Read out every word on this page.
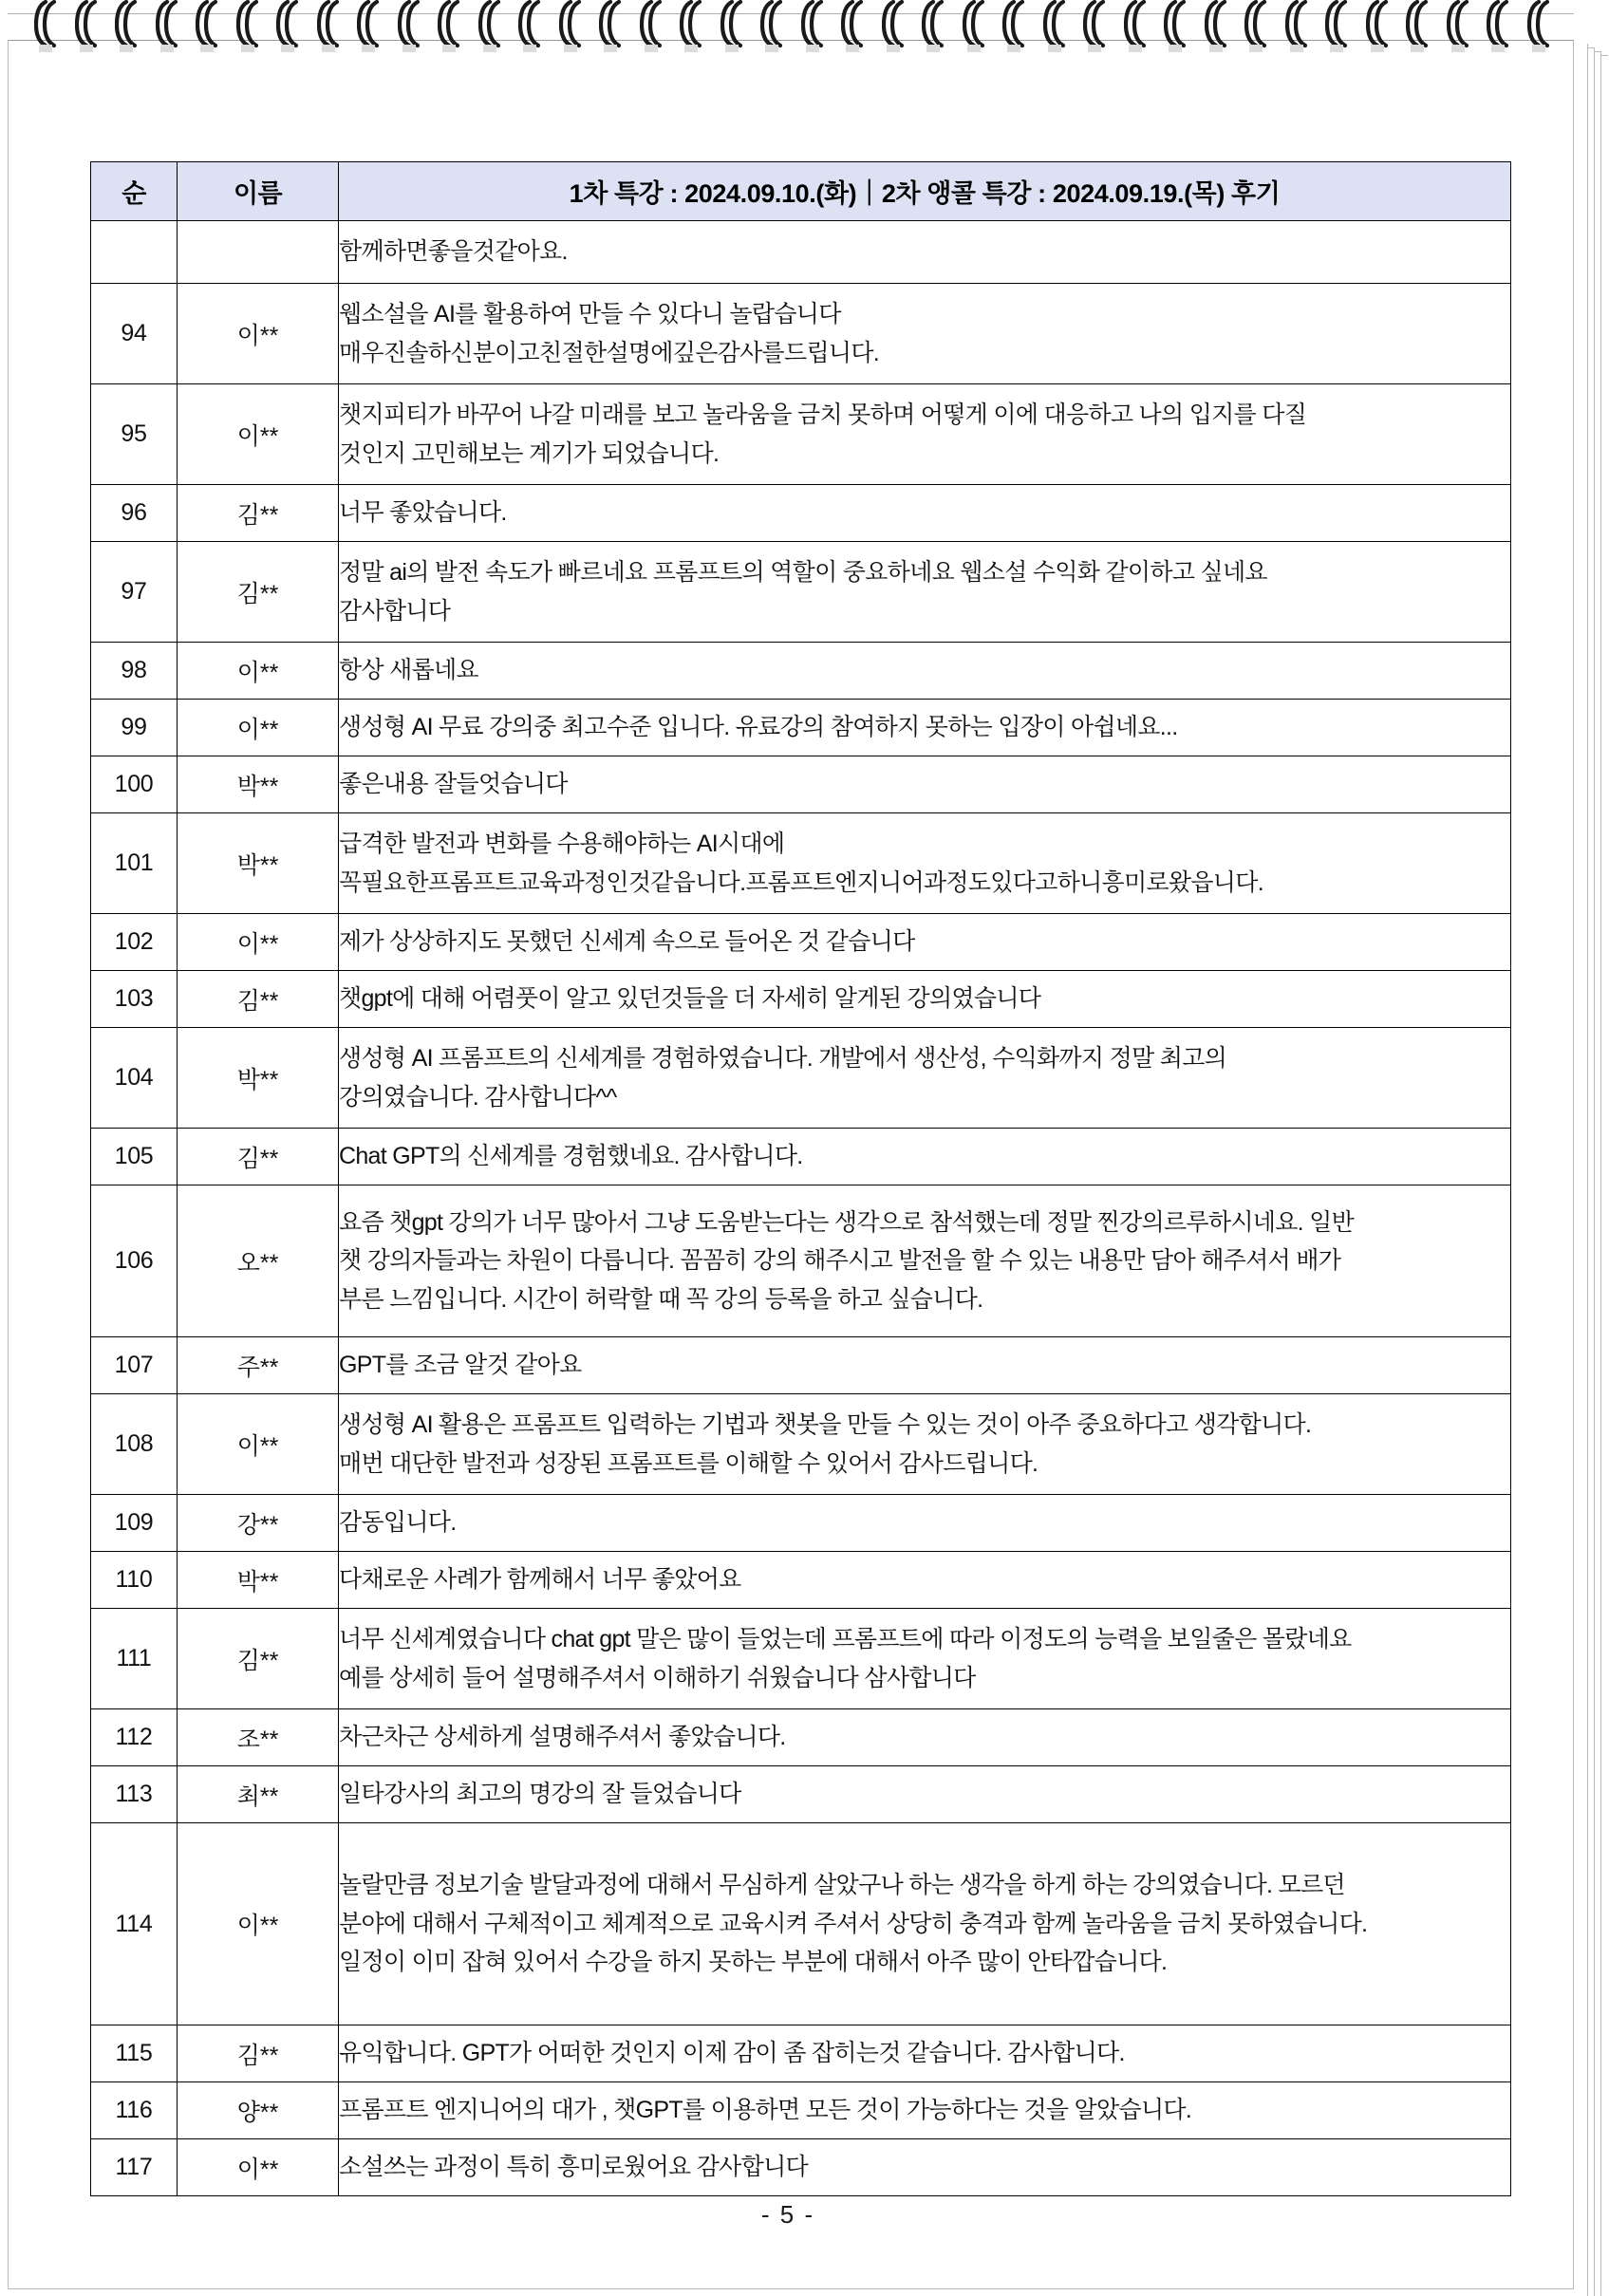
순	이름	1차 특강 : 2024.09.10.(화)｜2차 앵콜 특강 : 2024.09.19.(목) 후기

		함께하면좋을것같아요.

94	이**	웹소설을 AI를 활용하여 만들 수 있다니 놀랍습니다
매우진솔하신분이고친절한설명에깊은감사를드립니다.

95	이**	챗지피티가 바꾸어 나갈 미래를 보고 놀라움을 금치 못하며 어떻게 이에 대응하고 나의 입지를 다질
것인지 고민해보는 계기가 되었습니다.

96	김**	너무 좋았습니다.

97	김**	정말 ai의 발전 속도가 빠르네요 프롬프트의 역할이 중요하네요 웹소설 수익화 같이하고 싶네요
감사합니다

98	이**	항상 새롭네요

99	이**	생성형 AI 무료 강의중 최고수준 입니다. 유료강의 참여하지 못하는 입장이 아쉽네요...

100	박**	좋은내용 잘들엇습니다

101	박**	급격한 발전과 변화를 수용해야하는 AI시대에
꼭필요한프롬프트교육과정인것같읍니다.프롬프트엔지니어과정도있다고하니흥미로왔읍니다.

102	이**	제가 상상하지도 못했던 신세계 속으로 들어온 것 같습니다

103	김**	챗gpt에 대해 어렴풋이 알고 있던것들을 더 자세히 알게된 강의였습니다

104	박**	생성형 AI 프롬프트의 신세계를 경험하였습니다. 개발에서 생산성, 수익화까지 정말 최고의
강의였습니다. 감사합니다^^

105	김**	Chat GPT의 신세계를 경험했네요. 감사합니다.

106	오**	요즘 챗gpt 강의가 너무 많아서 그냥 도움받는다는 생각으로 참석했는데 정말 찐강의르루하시네요. 일반
챗 강의자들과는 차원이 다릅니다. 꼼꼼히 강의 해주시고 발전을 할 수 있는 내용만 담아 해주셔서 배가
부른 느낌입니다. 시간이 허락할 때 꼭 강의 등록을 하고 싶습니다.

107	주**	GPT를 조금 알것 같아요

108	이**	생성형 AI 활용은 프롬프트 입력하는 기법과 챗봇을 만들 수 있는 것이 아주 중요하다고 생각합니다.
매번 대단한 발전과 성장된 프롬프트를 이해할 수 있어서 감사드립니다.

109	강**	감동입니다.

110	박**	다채로운 사례가 함께해서 너무 좋았어요

111	김**	너무 신세계였습니다 chat gpt 말은 많이 들었는데 프롬프트에 따라 이정도의 능력을 보일줄은 몰랐네요
예를 상세히 들어 설명해주셔서 이해하기 쉬웠습니다 삼사합니다

112	조**	차근차근 상세하게 설명해주셔서 좋았습니다.

113	최**	일타강사의 최고의 명강의 잘 들었습니다

114	이**	놀랄만큼 정보기술 발달과정에 대해서 무심하게 살았구나 하는 생각을 하게 하는 강의였습니다. 모르던
분야에 대해서 구체적이고 체계적으로 교육시켜 주셔서 상당히 충격과 함께 놀라움을 금치 못하였습니다.
일정이 이미 잡혀 있어서 수강을 하지 못하는 부분에 대해서 아주 많이 안타깝습니다.

115	김**	유익합니다. GPT가 어떠한 것인지 이제 감이 좀 잡히는것 같습니다. 감사합니다.

116	양**	프롬프트 엔지니어의 대가 , 챗GPT를 이용하면 모든 것이 가능하다는 것을 알았습니다.

117	이**	소설쓰는 과정이 특히 흥미로웠어요 감사합니다
- 5 -
